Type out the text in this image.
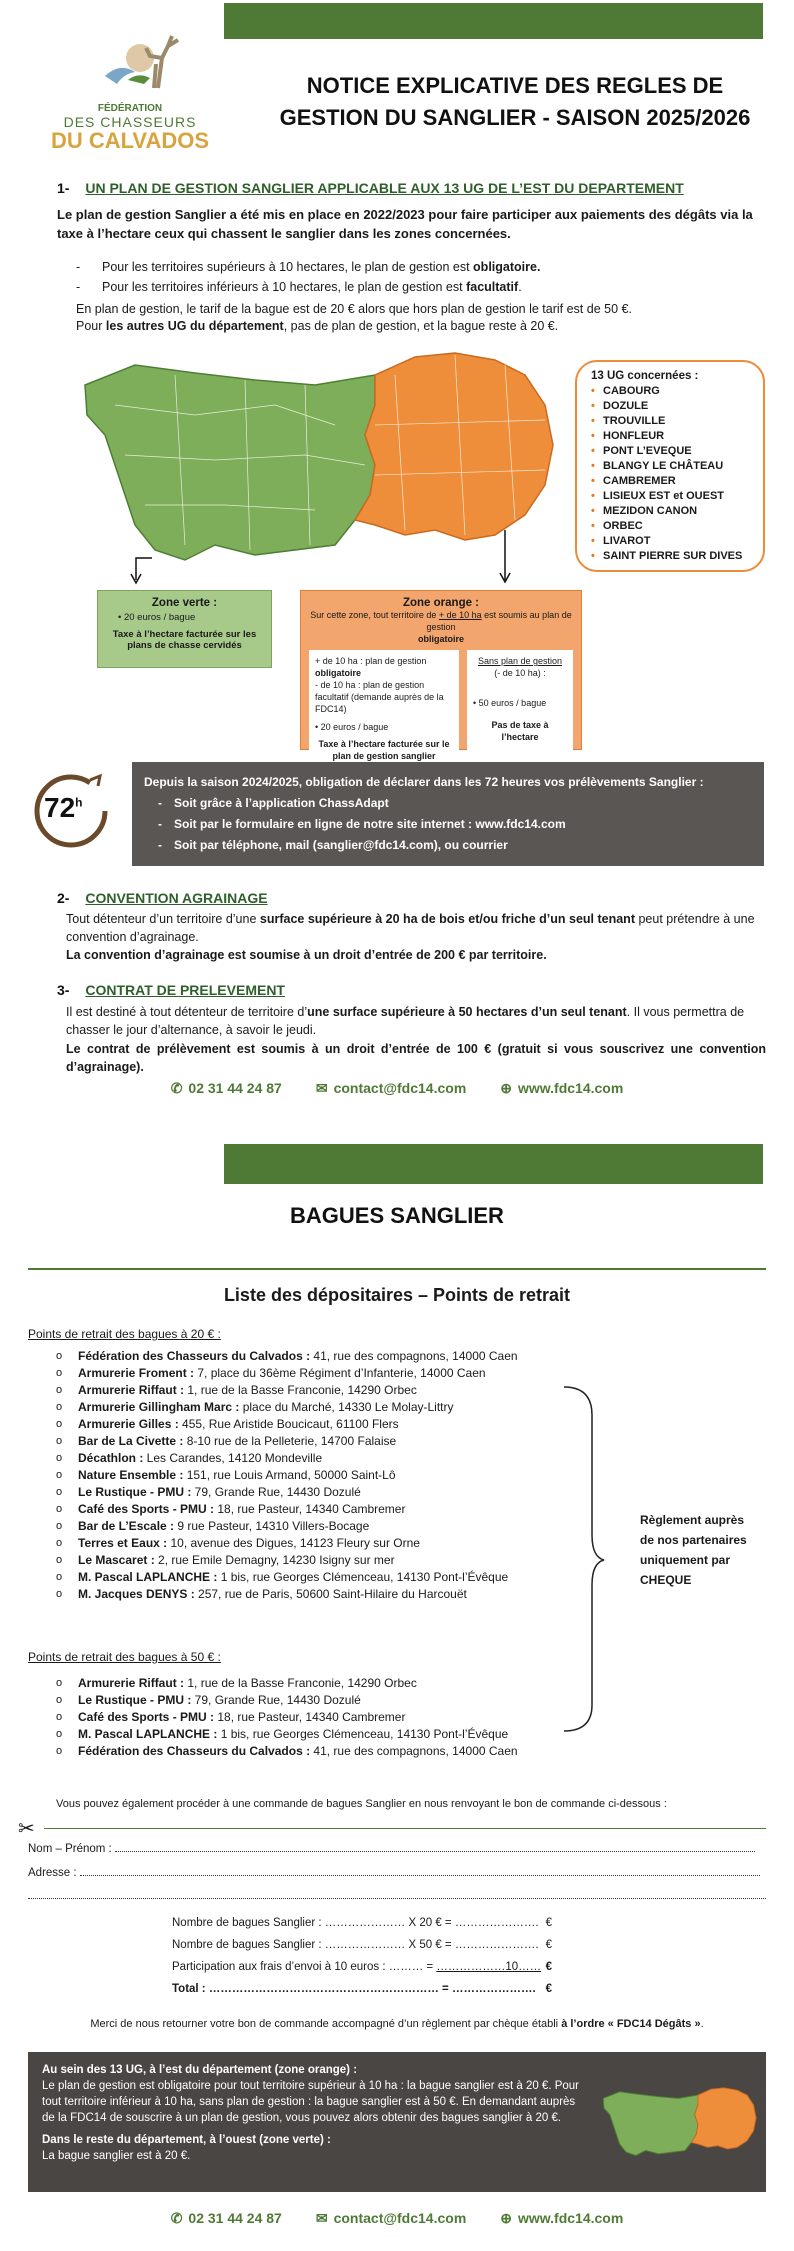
FÉDÉRATION
DES CHASSEURS
DU CALVADOS
NOTICE EXPLICATIVE DES REGLES DE
GESTION DU SANGLIER - SAISON 2025/2026
1- UN PLAN DE GESTION SANGLIER APPLICABLE AUX 13 UG DE L’EST DU DEPARTEMENT
Le plan de gestion Sanglier a été mis en place en 2022/2023 pour faire participer aux paiements des dégâts via la taxe à l’hectare ceux qui chassent le sanglier dans les zones concernées.
- Pour les territoires supérieurs à 10 hectares, le plan de gestion est obligatoire.
- Pour les territoires inférieurs à 10 hectares, le plan de gestion est facultatif.
En plan de gestion, le tarif de la bague est de 20 € alors que hors plan de gestion le tarif est de 50 €.
Pour les autres UG du département, pas de plan de gestion, et la bague reste à 20 €.
13 UG concernées :
• CABOURG
• DOZULE
• TROUVILLE
• HONFLEUR
• PONT L’EVEQUE
• BLANGY LE CHÂTEAU
• CAMBREMER
• LISIEUX EST et OUEST
• MEZIDON CANON
• ORBEC
• LIVAROT
• SAINT PIERRE SUR DIVES
Zone verte :
• 20 euros / bague
Taxe à l’hectare facturée sur les plans de chasse cervidés
Zone orange :
Sur cette zone, tout territoire de + de 10 ha est soumis au plan de gestion
obligatoire
+ de 10 ha : plan de gestion obligatoire
- de 10 ha : plan de gestion facultatif (demande auprès de la FDC14)
• 20 euros / bague
Taxe à l’hectare facturée sur le plan de gestion sanglier
Sans plan de gestion
(- de 10 ha) :
• 50 euros / bague
Pas de taxe à l’hectare
72$^h$
Depuis la saison 2024/2025, obligation de déclarer dans les 72 heures vos prélèvements Sanglier :
- Soit grâce à l’application ChassAdapt
- Soit par le formulaire en ligne de notre site internet : www.fdc14.com
- Soit par téléphone, mail (sanglier@fdc14.com), ou courrier
2- CONVENTION AGRAINAGE
Tout détenteur d’un territoire d’une surface supérieure à 20 ha de bois et/ou friche d’un seul tenant peut prétendre à une convention d’agrainage.
La convention d’agrainage est soumise à un droit d’entrée de 200 € par territoire.
3- CONTRAT DE PRELEVEMENT
Il est destiné à tout détenteur de territoire d’une surface supérieure à 50 hectares d’un seul tenant. Il vous permettra de chasser le jour d’alternance, à savoir le jeudi.
Le contrat de prélèvement est soumis à un droit d’entrée de 100 € (gratuit si vous souscrivez une convention d’agrainage).
✆ 02 31 44 24 87 ✉ contact@fdc14.com ⊕ www.fdc14.com
BAGUES SANGLIER
Liste des dépositaires – Points de retrait
Points de retrait des bagues à 20 € :
o Fédération des Chasseurs du Calvados : 41, rue des compagnons, 14000 Caen
o Armurerie Froment : 7, place du 36ème Régiment d’Infanterie, 14000 Caen
o Armurerie Riffaut : 1, rue de la Basse Franconie, 14290 Orbec
o Armurerie Gillingham Marc : place du Marché, 14330 Le Molay-Littry
o Armurerie Gilles : 455, Rue Aristide Boucicaut, 61100 Flers
o Bar de La Civette : 8-10 rue de la Pelleterie, 14700 Falaise
o Décathlon : Les Carandes, 14120 Mondeville
o Nature Ensemble : 151, rue Louis Armand, 50000 Saint-Lô
o Le Rustique - PMU : 79, Grande Rue, 14430 Dozulé
o Café des Sports - PMU : 18, rue Pasteur, 14340 Cambremer
o Bar de L’Escale : 9 rue Pasteur, 14310 Villers-Bocage
o Terres et Eaux : 10, avenue des Digues, 14123 Fleury sur Orne
o Le Mascaret : 2, rue Emile Demagny, 14230 Isigny sur mer
o M. Pascal LAPLANCHE : 1 bis, rue Georges Clémenceau, 14130 Pont-l’Évêque
o M. Jacques DENYS : 257, rue de Paris, 50600 Saint-Hilaire du Harcouët
Points de retrait des bagues à 50 € :
o Armurerie Riffaut : 1, rue de la Basse Franconie, 14290 Orbec
o Le Rustique - PMU : 79, Grande Rue, 14430 Dozulé
o Café des Sports - PMU : 18, rue Pasteur, 14340 Cambremer
o M. Pascal LAPLANCHE : 1 bis, rue Georges Clémenceau, 14130 Pont-l’Évêque
o Fédération des Chasseurs du Calvados : 41, rue des compagnons, 14000 Caen
Règlement auprès de nos partenaires uniquement par CHEQUE
Vous pouvez également procéder à une commande de bagues Sanglier en nous renvoyant le bon de commande ci-dessous :
✂
Nom – Prénom :
Adresse :
Nombre de bagues Sanglier : ………………… X 20 € = …………………. €
Nombre de bagues Sanglier : ………………… X 50 € = …………………. €
Participation aux frais d’envoi à 10 euros : ……… = ………………10…… €
Total : …………………………………………………… = …………………. €
Merci de nous retourner votre bon de commande accompagné d’un règlement par chèque établi à l’ordre « FDC14 Dégâts ».
Au sein des 13 UG, à l’est du département (zone orange) :
Le plan de gestion est obligatoire pour tout territoire supérieur à 10 ha : la bague sanglier est à 20 €. Pour tout territoire inférieur à 10 ha, sans plan de gestion : la bague sanglier est à 50 €. En demandant auprès de la FDC14 de souscrire à un plan de gestion, vous pouvez alors obtenir des bagues sanglier à 20 €.
Dans le reste du département, à l’ouest (zone verte) :
La bague sanglier est à 20 €.
✆ 02 31 44 24 87 ✉ contact@fdc14.com ⊕ www.fdc14.com
